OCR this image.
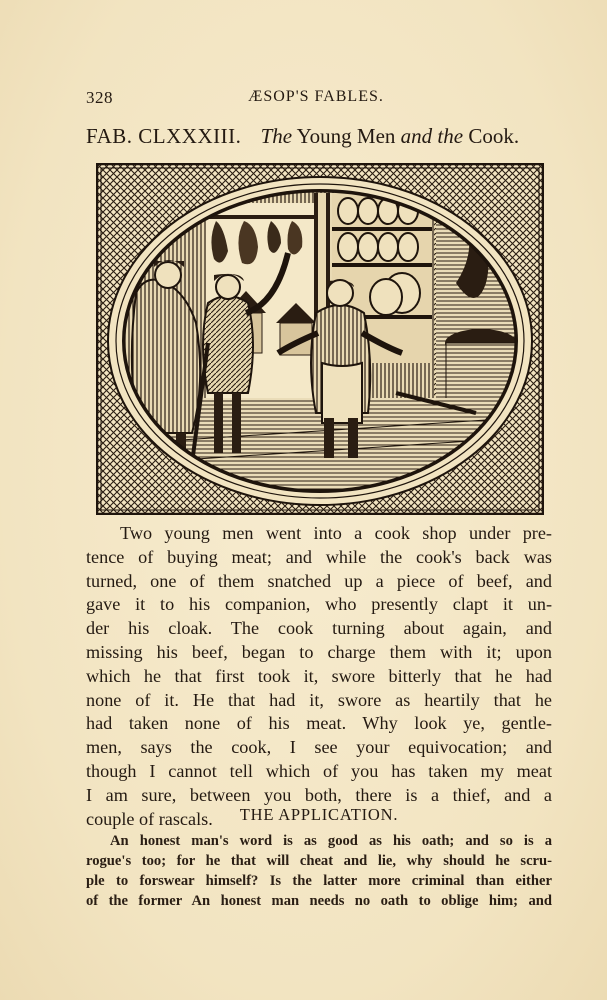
328	ÆSOP'S FABLES.
FAB. CLXXXIII. The Young Men and the Cook.
Two young men went into a cook shop under pre-
tence of buying meat; and while the cook's back was
turned, one of them snatched up a piece of beef, and
gave it to his companion, who presently clapt it un-
der his cloak. The cook turning about again, and
missing his beef, began to charge them with it; upon
which he that first took it, swore bitterly that he had
none of it. He that had it, swore as heartily that he
had taken none of his meat. Why look ye, gentle-
men, says the cook, I see your equivocation; and
though I cannot tell which of you has taken my meat
I am sure, between you both, there is a thief, and a
couple of rascals.	THE APPLICATION.
An honest man's word is as good as his oath; and so is a
rogue's too; for he that will cheat and lie, why should he scru-
ple to forswear himself? Is the latter more criminal than either
of the former An honest man needs no oath to oblige him; and
